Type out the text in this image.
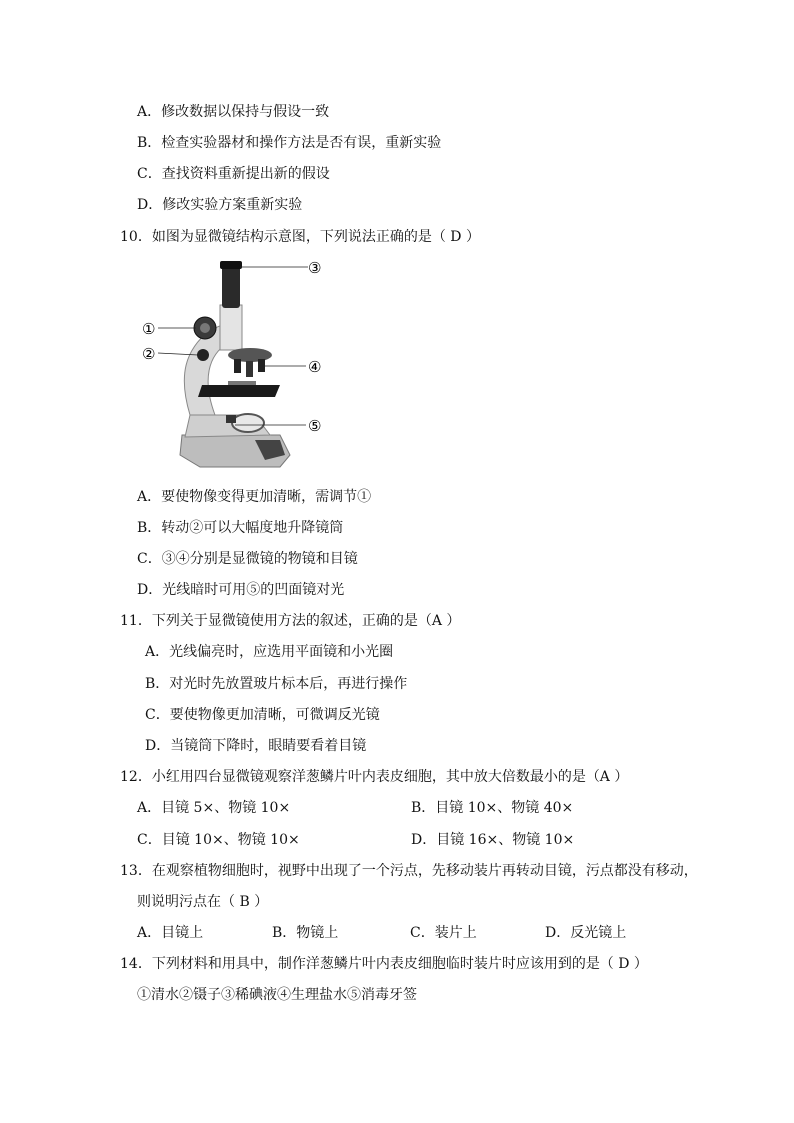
A．修改数据以保持与假设一致
B．检查实验器材和操作方法是否有误，重新实验
C．查找资料重新提出新的假设
D．修改实验方案重新实验
10．如图为显微镜结构示意图，下列说法正确的是（ D ）
①
②
③
④
⑤
A．要使物像变得更加清晰，需调节①
B．转动②可以大幅度地升降镜筒
C．③④分别是显微镜的物镜和目镜
D．光线暗时可用⑤的凹面镜对光
11．下列关于显微镜使用方法的叙述，正确的是（A ）
A．光线偏亮时，应选用平面镜和小光圈
B．对光时先放置玻片标本后，再进行操作
C．要使物像更加清晰，可微调反光镜
D．当镜筒下降时，眼睛要看着目镜
12．小红用四台显微镜观察洋葱鳞片叶内表皮细胞，其中放大倍数最小的是（A ）
A．目镜 5×、物镜 10×	B．目镜 10×、物镜 40×
C．目镜 10×、物镜 10×	D．目镜 16×、物镜 10×
13．在观察植物细胞时，视野中出现了一个污点，先移动装片再转动目镜，污点都没有移动，
则说明污点在（ B ）
A．目镜上	B．物镜上	C．装片上	D．反光镜上
14．下列材料和用具中，制作洋葱鳞片叶内表皮细胞临时装片时应该用到的是（ D ）
①清水②镊子③稀碘液④生理盐水⑤消毒牙签
